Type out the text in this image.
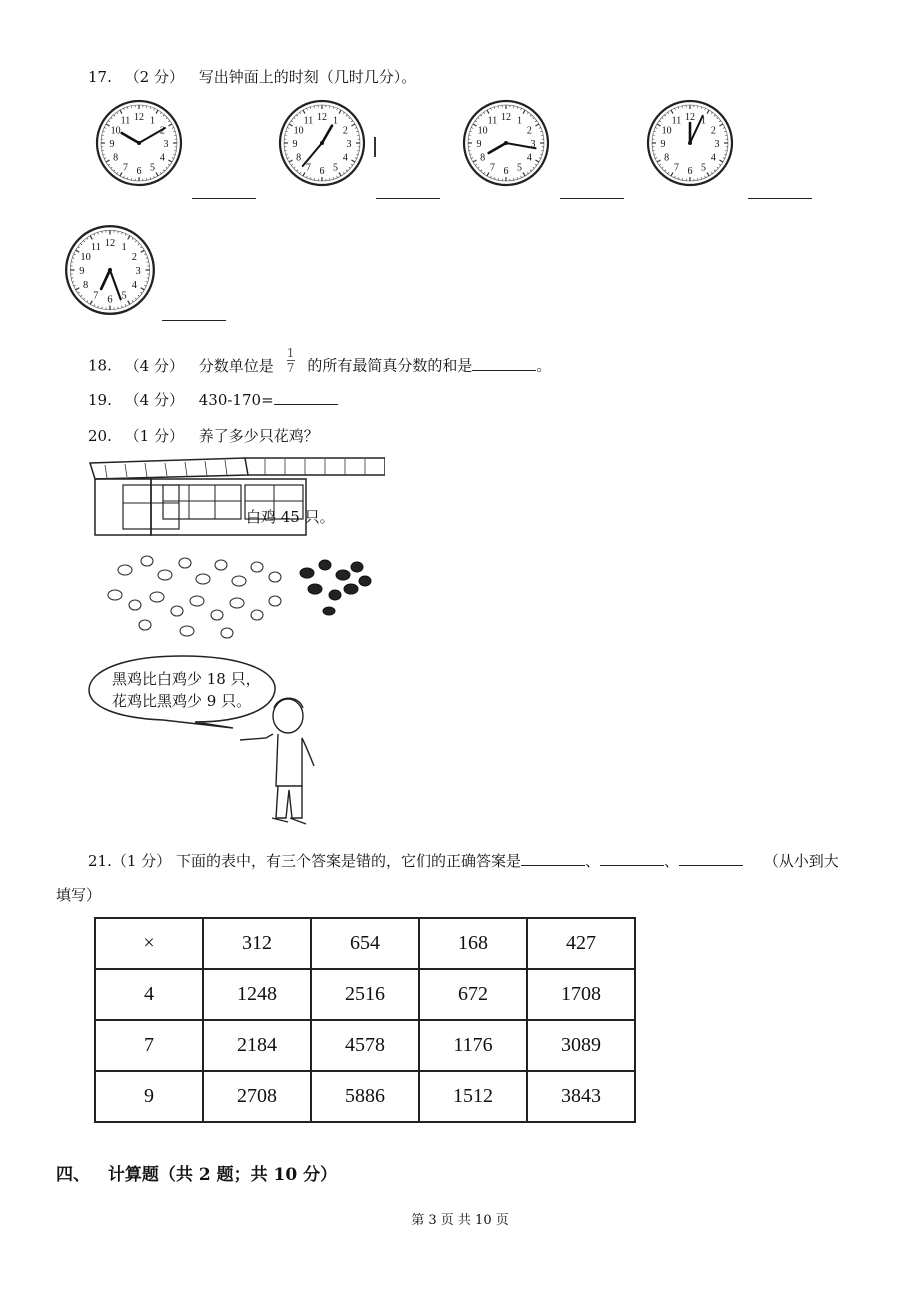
17. （2 分） 写出钟面上的时刻（几时几分）。
12 1
2
3
4
5
6
7
8
9
10
11	12 1
2
3
4
5
6
7
8
9
10
11	12 1
2
3
4
5
6
7
8
9
10
11	12 1
2
3
4
5
6
7
8
9
10
11
12 1
2
3
4
5
6
7
8
9
10
11
18. （4 分） 分数单位是 $\frac{1}{7}$ 的所有最简真分数的和是	。
19. （4 分） 430-170=
20. （1 分） 养了多少只花鸡？
白鸡 45 只。
黑鸡比白鸡少 18 只，
花鸡比黑鸡少 9 只。
21.（1 分） 下面的表中，有三个答案是错的，它们的正确答案是	、	、	（从小到大
填写）
×	312	654	168	427
4	1248	2516	672	1708
7	2184	4578	1176	3089
9	2708	5886	1512	3843
四、 计算题（共 2 题；共 10 分）
第 3 页 共 10 页
